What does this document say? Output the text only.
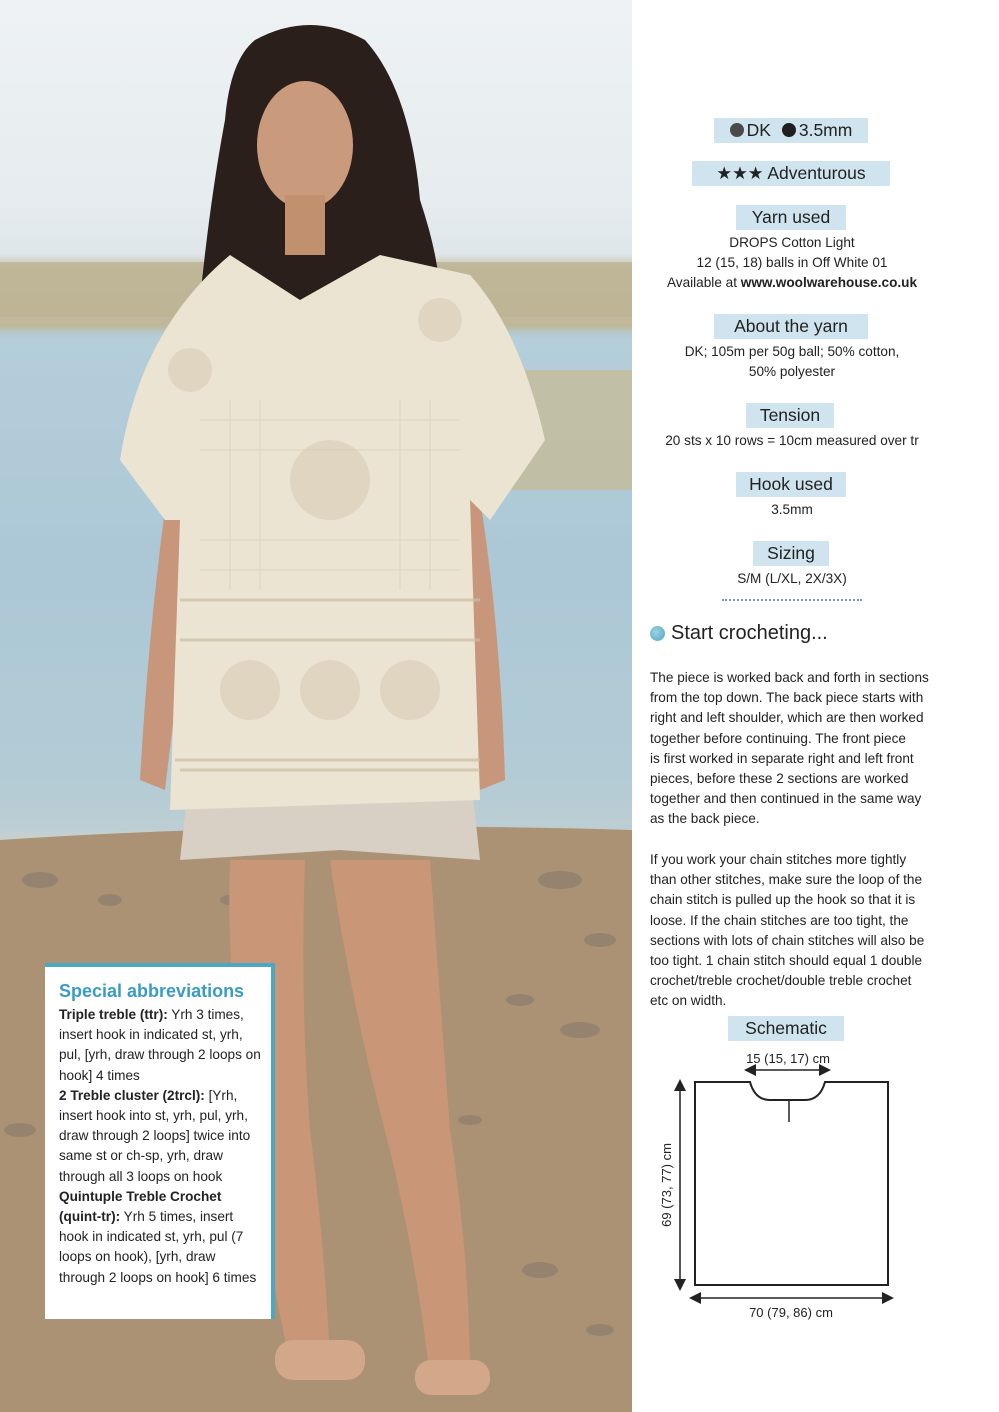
Special abbreviations
Triple treble (ttr): Yrh 3 times, insert hook in indicated st, yrh, pul, [yrh, draw through 2 loops on hook] 4 times
2 Treble cluster (2trcl): [Yrh, insert hook into st, yrh, pul, yrh, draw through 2 loops] twice into same st or ch-sp, yrh, draw through all 3 loops on hook
Quintuple Treble Crochet (quint-tr): Yrh 5 times, insert hook in indicated st, yrh, pul (7 loops on hook), [yrh, draw through 2 loops on hook] 6 times
DK 3.5mm
★★★ Adventurous
Yarn used
DROPS Cotton Light
12 (15, 18) balls in Off White 01
Available at www.woolwarehouse.co.uk
About the yarn
DK; 105m per 50g ball; 50% cotton,
50% polyester
Tension
20 sts x 10 rows = 10cm measured over tr
Hook used
3.5mm
Sizing
S/M (L/XL, 2X/3X)
Start crocheting...
The piece is worked back and forth in sections
from the top down. The back piece starts with
right and left shoulder, which are then worked
together before continuing. The front piece
is first worked in separate right and left front
pieces, before these 2 sections are worked
together and then continued in the same way
as the back piece.
If you work your chain stitches more tightly
than other stitches, make sure the loop of the
chain stitch is pulled up the hook so that it is
loose. If the chain stitches are too tight, the
sections with lots of chain stitches will also be
too tight. 1 chain stitch should equal 1 double
crochet/treble crochet/double treble crochet
etc on width.
Schematic
15 (15, 17) cm
69 (73, 77) cm
70 (79, 86) cm
